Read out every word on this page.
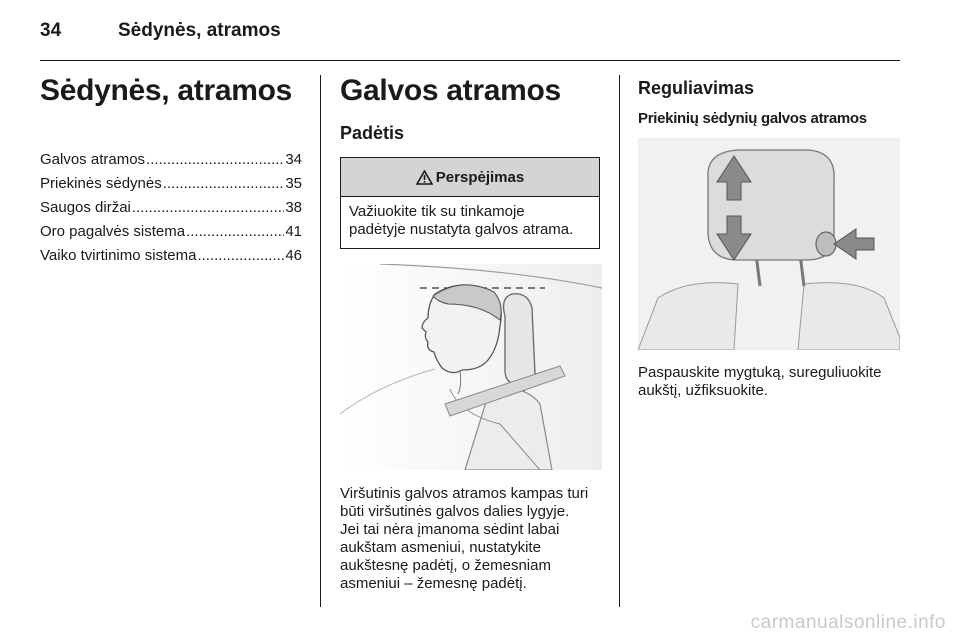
34	Sėdynės, atramos
Sėdynės, atramos
Galvos atramos .....	34
Priekinės sėdynės .....	35
Saugos diržai .....	38
Oro pagalvės sistema .....	41
Vaiko tvirtinimo sistema .....	46
Galvos atramos
Padėtis
Perspėjimas
Važiuokite tik su tinkamoje
padėtyje nustatyta galvos atrama.
Viršutinis galvos atramos kampas turi
būti viršutinės galvos dalies lygyje.
Jei tai nėra įmanoma sėdint labai
aukštam asmeniui, nustatykite
aukštesnę padėtį, o žemesniam
asmeniui – žemesnę padėtį.
Reguliavimas
Priekinių sėdynių galvos atramos
Paspauskite mygtuką, sureguliuokite
aukštį, užfiksuokite.
carmanualsonline.info
